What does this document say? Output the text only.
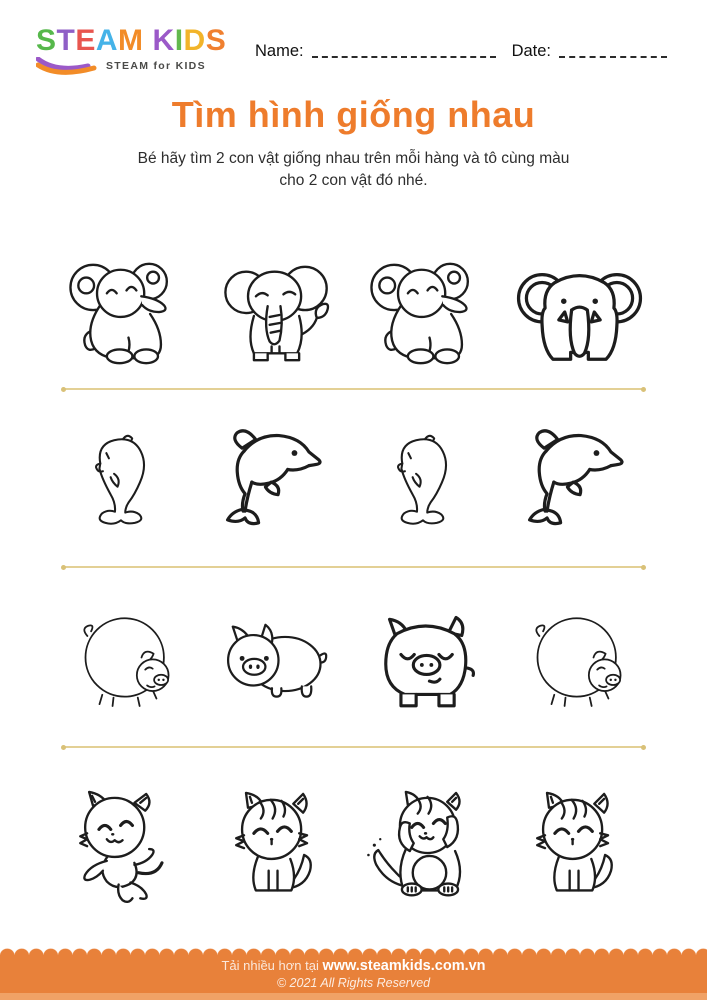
STEAM KIDS
STEAM for KIDS
Name:	Date:
Tìm hình giống nhau
Bé hãy tìm 2 con vật giống nhau trên mỗi hàng và tô cùng màu
cho 2 con vật đó nhé.
Tải nhiều hơn tại www.steamkids.com.vn
© 2021 All Rights Reserved
